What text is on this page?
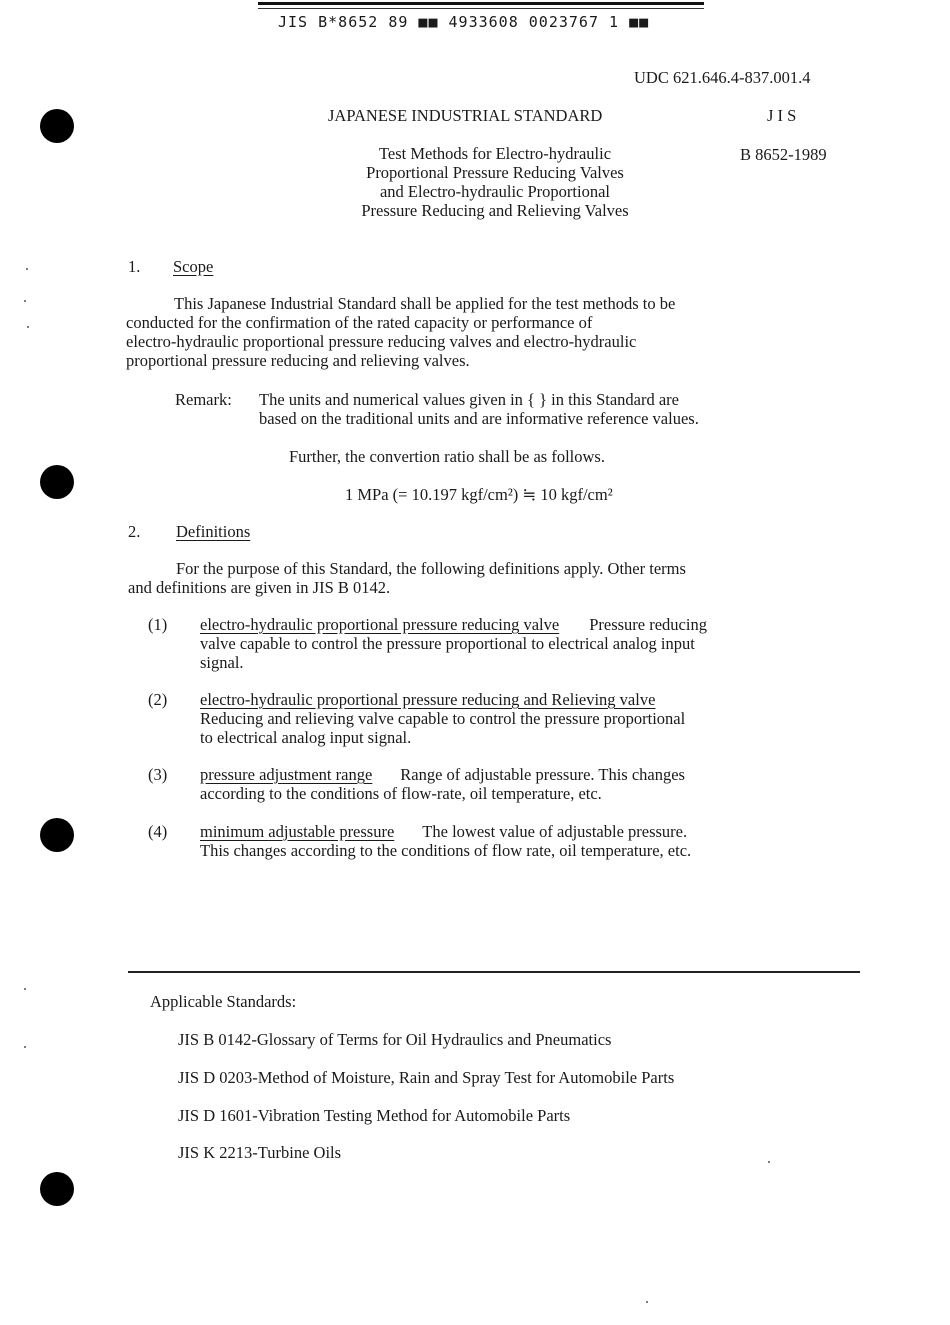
JIS B*8652 89 ■■ 4933608 0023767 1 ■■
UDC 621.646.4-837.001.4
JAPANESE INDUSTRIAL STANDARD	J I S
B 8652-1989
Test Methods for Electro-hydraulic
Proportional Pressure Reducing Valves
and Electro-hydraulic Proportional
Pressure Reducing and Relieving Valves
1. Scope
This Japanese Industrial Standard shall be applied for the test methods to be
conducted for the confirmation of the rated capacity or performance of
electro-hydraulic proportional pressure reducing valves and electro-hydraulic
proportional pressure reducing and relieving valves.
Remark: The units and numerical values given in { } in this Standard are
based on the traditional units and are informative reference values.
Further, the convertion ratio shall be as follows.
1 MPa (= 10.197 kgf/cm²) ≒ 10 kgf/cm²
2. Definitions
For the purpose of this Standard, the following definitions apply. Other terms
and definitions are given in JIS B 0142.
(1) electro-hydraulic proportional pressure reducing valve Pressure reducing
valve capable to control the pressure proportional to electrical analog input
signal.
(2) electro-hydraulic proportional pressure reducing and Relieving valve
Reducing and relieving valve capable to control the pressure proportional
to electrical analog input signal.
(3) pressure adjustment range Range of adjustable pressure. This changes
according to the conditions of flow-rate, oil temperature, etc.
(4) minimum adjustable pressure The lowest value of adjustable pressure.
This changes according to the conditions of flow rate, oil temperature, etc.
Applicable Standards:
JIS B 0142-Glossary of Terms for Oil Hydraulics and Pneumatics
JIS D 0203-Method of Moisture, Rain and Spray Test for Automobile Parts
JIS D 1601-Vibration Testing Method for Automobile Parts
JIS K 2213-Turbine Oils
